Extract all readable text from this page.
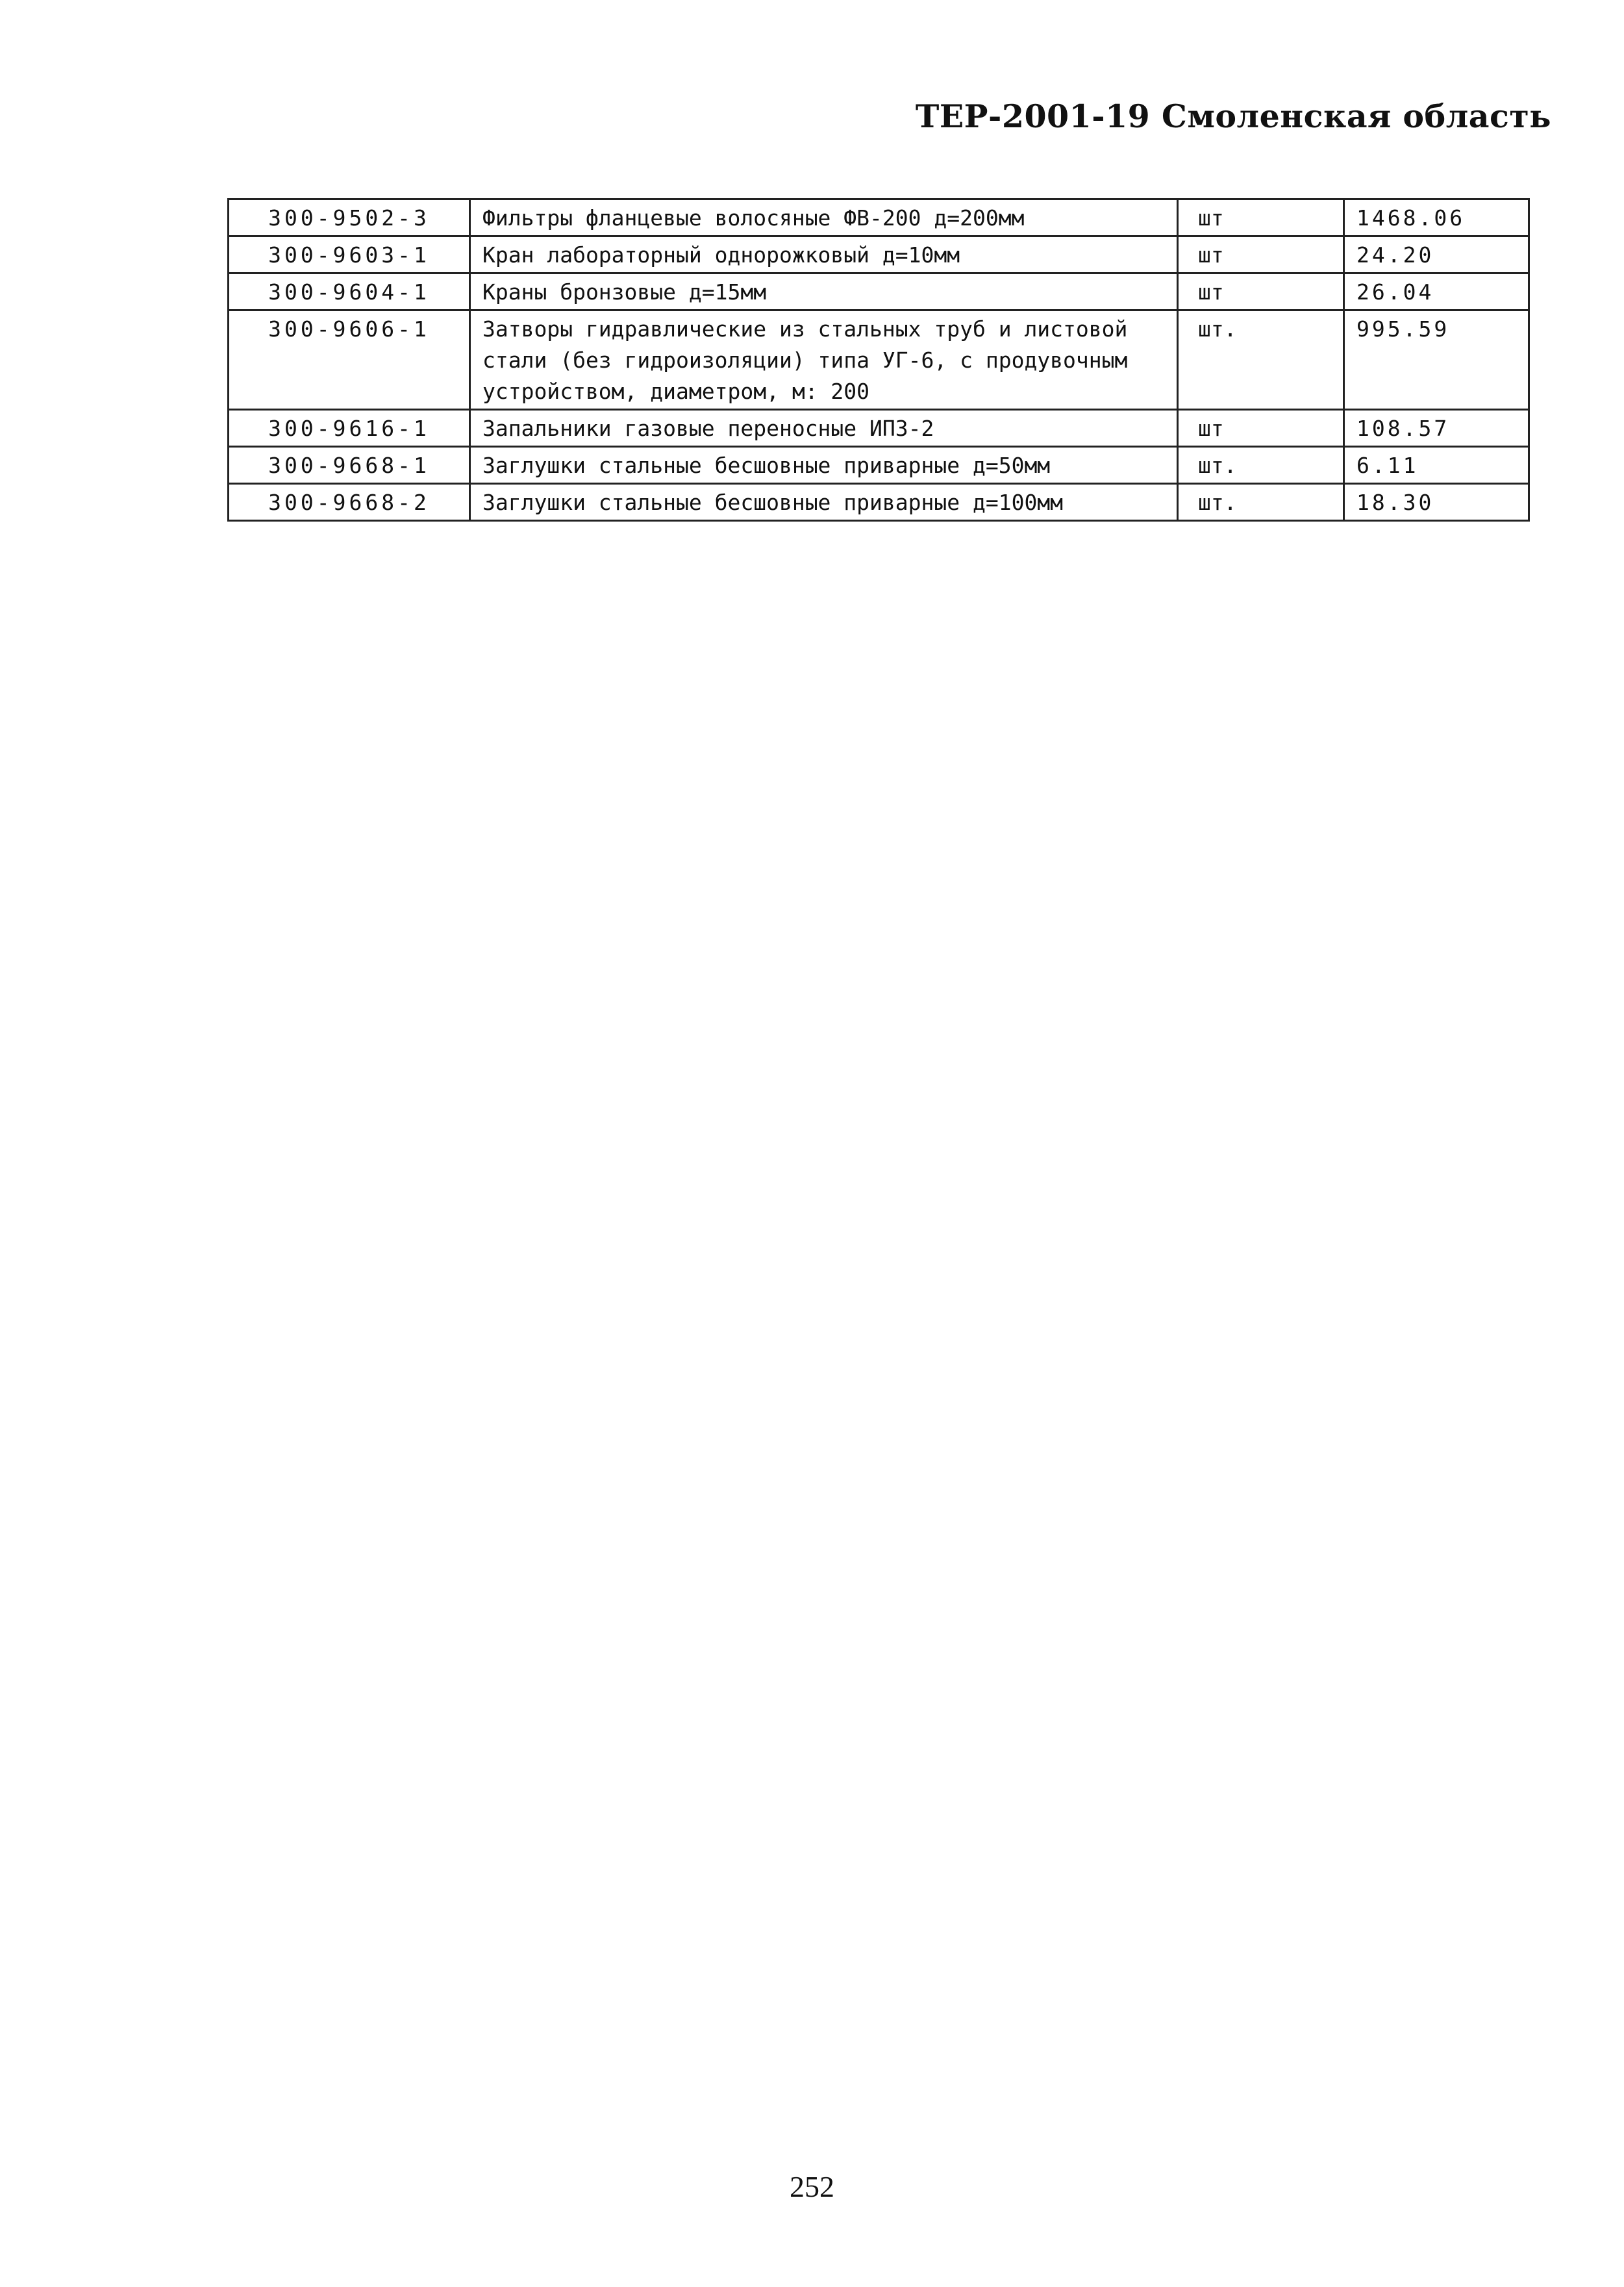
ТЕР-2001-19 Смоленская область
300-9502-3	Фильтры фланцевые волосяные ФВ-200 д=200мм	шт	1468.06
300-9603-1	Кран лабораторный однорожковый д=10мм	шт	24.20
300-9604-1	Краны бронзовые д=15мм	шт	26.04
300-9606-1	Затворы гидравлические из стальных труб и листовой стали (без гидроизоляции) типа УГ-6, с продувочным устройством, диаметром, м: 200	шт.	995.59
300-9616-1	Запальники газовые переносные ИПЗ-2	шт	108.57
300-9668-1	Заглушки стальные бесшовные приварные д=50мм	шт.	6.11
300-9668-2	Заглушки стальные бесшовные приварные д=100мм	шт.	18.30
252
